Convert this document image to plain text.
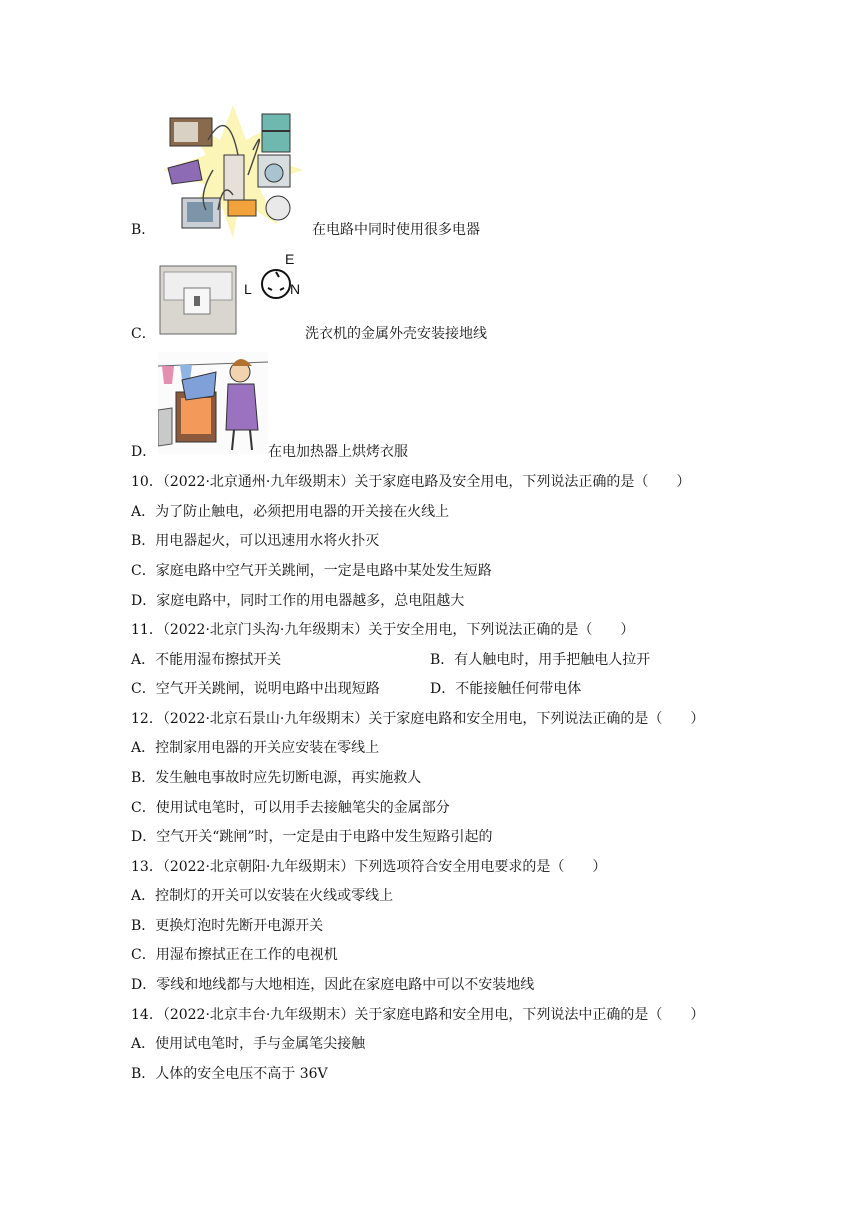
B．	在电路中同时使用很多电器
E
L	N
C．	洗衣机的金属外壳安装接地线
D．	在电加热器上烘烤衣服
10．（2022·北京通州·九年级期末）关于家庭电路及安全用电，下列说法正确的是（　　）
A．为了防止触电，必须把用电器的开关接在火线上
B．用电器起火，可以迅速用水将火扑灭
C．家庭电路中空气开关跳闸，一定是电路中某处发生短路
D．家庭电路中，同时工作的用电器越多，总电阻越大
11．（2022·北京门头沟·九年级期末）关于安全用电，下列说法正确的是（　　）
A．不能用湿布擦拭开关	B．有人触电时，用手把触电人拉开
C．空气开关跳闸，说明电路中出现短路	D．不能接触任何带电体
12．（2022·北京石景山·九年级期末）关于家庭电路和安全用电，下列说法正确的是（　　）
A．控制家用电器的开关应安装在零线上
B．发生触电事故时应先切断电源，再实施救人
C．使用试电笔时，可以用手去接触笔尖的金属部分
D．空气开关“跳闸”时，一定是由于电路中发生短路引起的
13．（2022·北京朝阳·九年级期末）下列选项符合安全用电要求的是（　　）
A．控制灯的开关可以安装在火线或零线上
B．更换灯泡时先断开电源开关
C．用湿布擦拭正在工作的电视机
D．零线和地线都与大地相连，因此在家庭电路中可以不安装地线
14．（2022·北京丰台·九年级期末）关于家庭电路和安全用电，下列说法中正确的是（　　）
A．使用试电笔时，手与金属笔尖接触
B．人体的安全电压不高于 36V
